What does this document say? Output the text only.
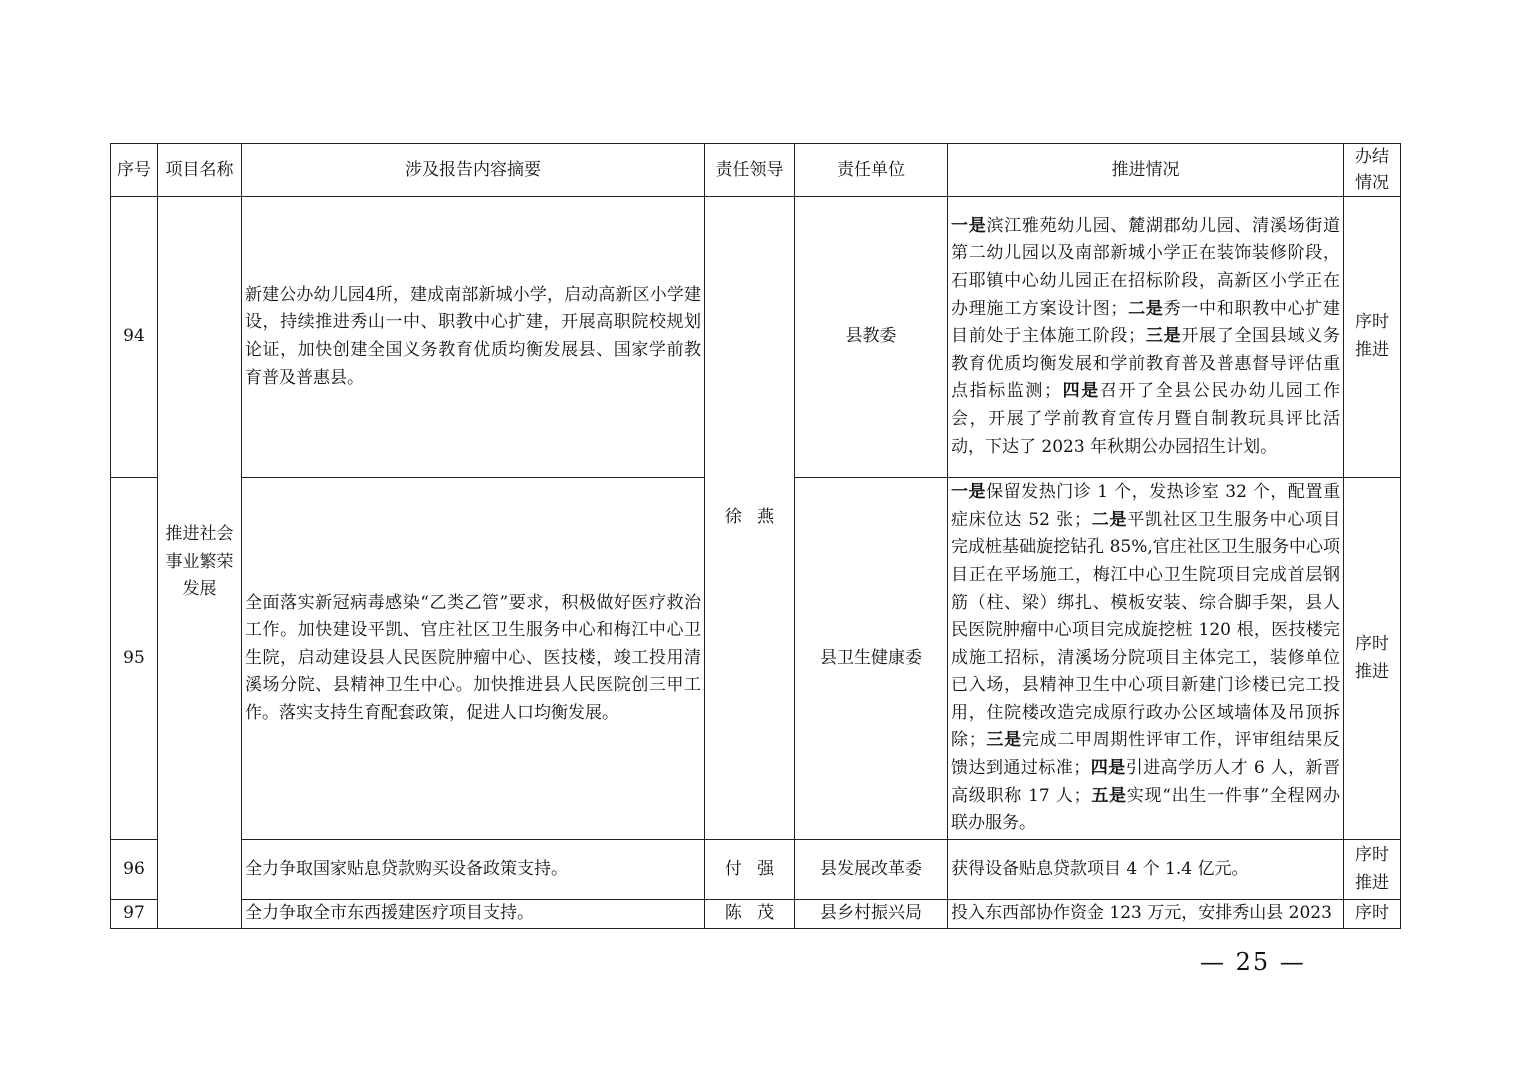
序号	项目名称	涉及报告内容摘要	责任领导	责任单位	推进情况	办结情况
94	推进社会事业繁荣发展	新建公办幼儿园4所，建成南部新城小学，启动高新区小学建设，持续推进秀山一中、职教中心扩建，开展高职院校规划论证，加快创建全国义务教育优质均衡发展县、国家学前教育普及普惠县。	徐燕	县教委	一是滨江雅苑幼儿园、麓湖郡幼儿园、清溪场街道第二幼儿园以及南部新城小学正在装饰装修阶段，石耶镇中心幼儿园正在招标阶段，高新区小学正在办理施工方案设计图；二是秀一中和职教中心扩建目前处于主体施工阶段；三是开展了全国县域义务教育优质均衡发展和学前教育普及普惠督导评估重点指标监测；四是召开了全县公民办幼儿园工作会，开展了学前教育宣传月暨自制教玩具评比活动，下达了 2023 年秋期公办园招生计划。	序时推进
95		全面落实新冠病毒感染“乙类乙管”要求，积极做好医疗救治工作。加快建设平凯、官庄社区卫生服务中心和梅江中心卫生院，启动建设县人民医院肿瘤中心、医技楼，竣工投用清溪场分院、县精神卫生中心。加快推进县人民医院创三甲工作。落实支持生育配套政策，促进人口均衡发展。		县卫生健康委	一是保留发热门诊 1 个，发热诊室 32 个，配置重症床位达 52 张；二是平凯社区卫生服务中心项目完成桩基础旋挖钻孔 85%,官庄社区卫生服务中心项目正在平场施工，梅江中心卫生院项目完成首层钢筋（柱、梁）绑扎、模板安装、综合脚手架，县人民医院肿瘤中心项目完成旋挖桩 120 根，医技楼完成施工招标，清溪场分院项目主体完工，装修单位已入场，县精神卫生中心项目新建门诊楼已完工投用，住院楼改造完成原行政办公区域墙体及吊顶拆除；三是完成二甲周期性评审工作，评审组结果反馈达到通过标准；四是引进高学历人才 6 人，新晋高级职称 17 人；五是实现“出生一件事”全程网办联办服务。	序时推进
96		全力争取国家贴息贷款购买设备政策支持。	付强	县发展改革委	获得设备贴息贷款项目 4 个 1.4 亿元。	序时推进
97		全力争取全市东西援建医疗项目支持。	陈茂	县乡村振兴局	投入东西部协作资金 123 万元，安排秀山县 2023	序时
— 25 —
